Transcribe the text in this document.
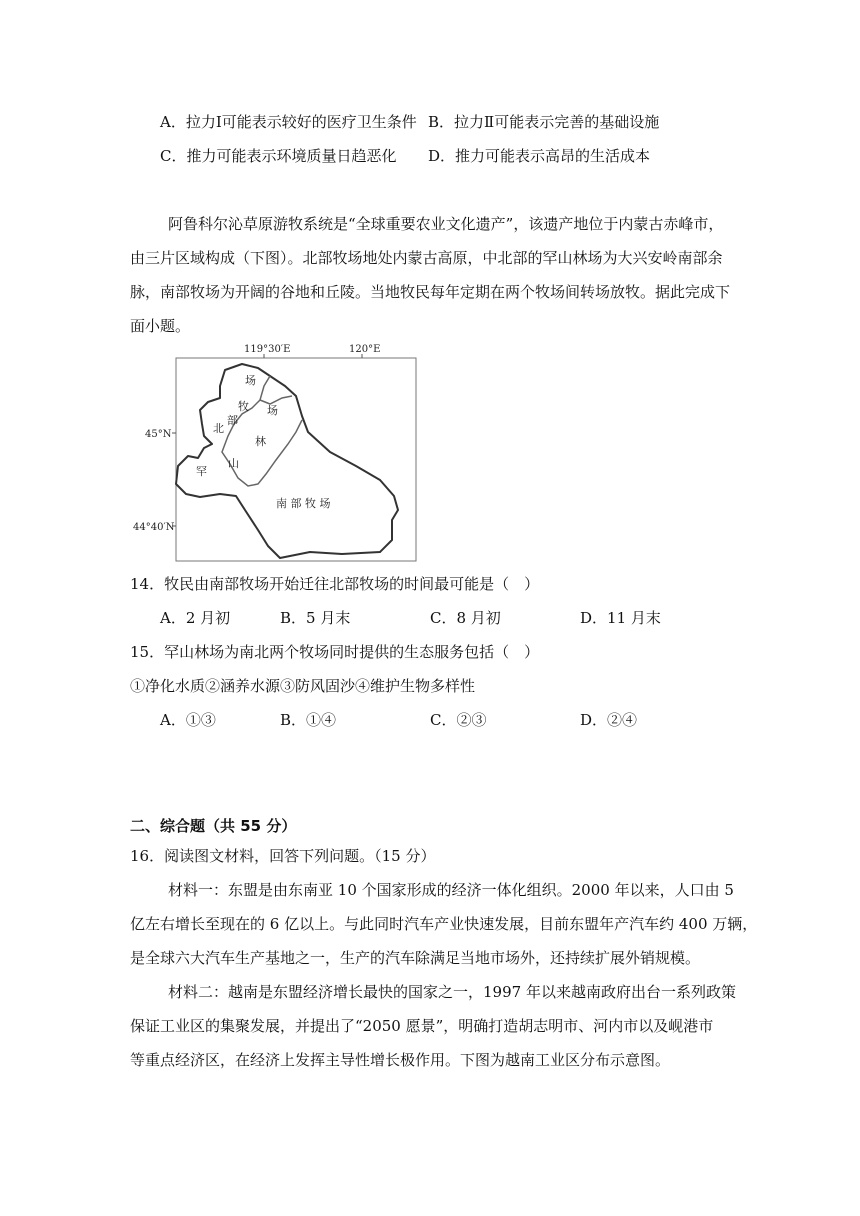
A．拉力Ⅰ可能表示较好的医疗卫生条件 B．拉力Ⅱ可能表示完善的基础设施
C．推力可能表示环境质量日趋恶化 D．推力可能表示高昂的生活成本
阿鲁科尔沁草原游牧系统是“全球重要农业文化遗产”，该遗产地位于内蒙古赤峰市，
由三片区域构成（下图）。北部牧场地处内蒙古高原，中北部的罕山林场为大兴安岭南部余
脉，南部牧场为开阔的谷地和丘陵。当地牧民每年定期在两个牧场间转场放牧。据此完成下
面小题。
119°30′E	120°E
45°N
44°40′N
场
牧
部
北
场
林
山
罕
南 部 牧 场
14．牧民由南部牧场开始迁往北部牧场的时间最可能是（　）
A．2 月初	B．5 月末	C．8 月初	D．11 月末
15．罕山林场为南北两个牧场同时提供的生态服务包括（　）
①净化水质②涵养水源③防风固沙④维护生物多样性
A．①③	B．①④	C．②③	D．②④
二、综合题（共 55 分）
16．阅读图文材料，回答下列问题。（15 分）
材料一：东盟是由东南亚 10 个国家形成的经济一体化组织。2000 年以来，人口由 5
亿左右增长至现在的 6 亿以上。与此同时汽车产业快速发展，目前东盟年产汽车约 400 万辆，
是全球六大汽车生产基地之一，生产的汽车除满足当地市场外，还持续扩展外销规模。
材料二：越南是东盟经济增长最快的国家之一，1997 年以来越南政府出台一系列政策
保证工业区的集聚发展，并提出了“2050 愿景”，明确打造胡志明市、河内市以及岘港市
等重点经济区，在经济上发挥主导性增长极作用。下图为越南工业区分布示意图。
